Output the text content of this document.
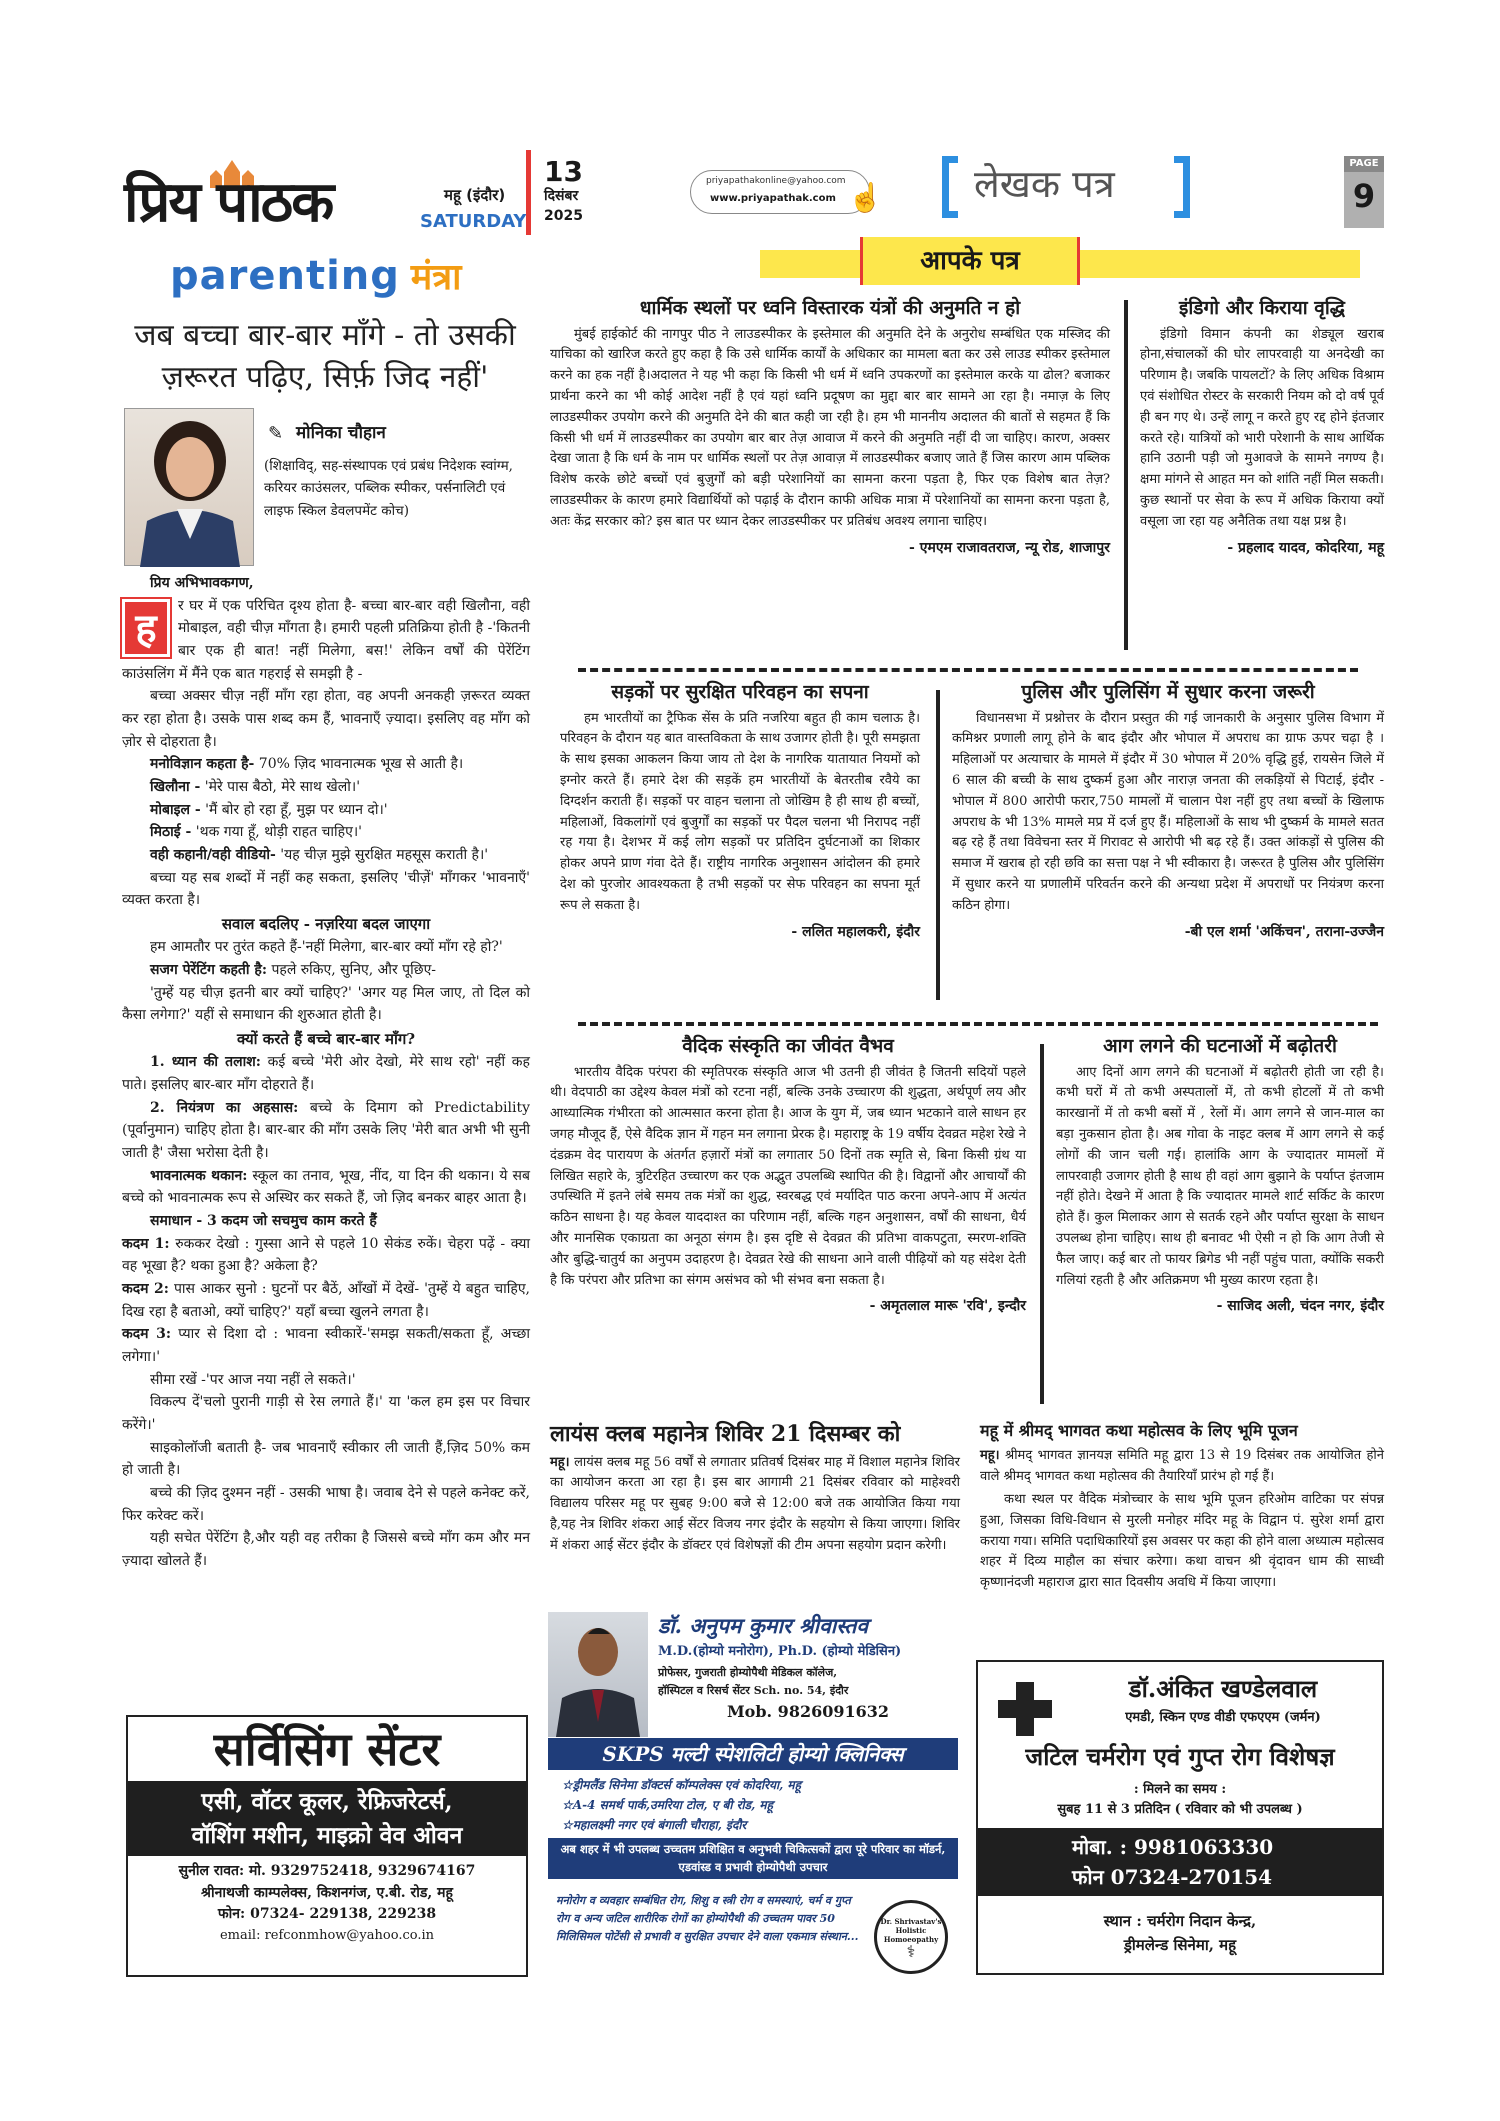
प्रिय पाठक	महू (इंदौर)
SATURDAY
13
दिसंबर
2025
priyapathakonline@yahoo.com
www.priyapathak.com ☝ लेखक पत्र	PAGE
9
parenting मंत्रा	आपके पत्र
जब बच्चा बार-बार माँगे - तो उसकी ज़रूरत पढ़िए, सिर्फ़ जिद नहीं'
✎ मोनिका चौहान
(शिक्षाविद्, सह-संस्थापक एवं प्रबंध निदेशक स्वांग्म, करियर काउंसलर, पब्लिक स्पीकर, पर्सनालिटी एवं लाइफ स्किल डेवलपमेंट कोच)
प्रिय अभिभावकगण,
ह	र घर में एक परिचित दृश्य होता है- बच्चा बार-बार वही खिलौना, वही मोबाइल, वही चीज़ माँगता है। हमारी पहली प्रतिक्रिया होती है -'कितनी बार एक ही बात! नहीं मिलेगा, बस!' लेकिन वर्षों की पेरेंटिंग काउंसलिंग में मैंने एक बात गहराई से समझी है -

बच्चा अक्सर चीज़ नहीं माँग रहा होता, वह अपनी अनकही ज़रूरत व्यक्त कर रहा होता है। उसके पास शब्द कम हैं, भावनाएँ ज़्यादा। इसलिए वह माँग को ज़ोर से दोहराता है।

मनोविज्ञान कहता है- 70% ज़िद भावनात्मक भूख से आती है।

खिलौना - 'मेरे पास बैठो, मेरे साथ खेलो।'

मोबाइल - 'मैं बोर हो रहा हूँ, मुझ पर ध्यान दो।'

मिठाई - 'थक गया हूँ, थोड़ी राहत चाहिए।'

वही कहानी/वही वीडियो- 'यह चीज़ मुझे सुरक्षित महसूस कराती है।'

बच्चा यह सब शब्दों में नहीं कह सकता, इसलिए 'चीज़ें' माँगकर 'भावनाएँ' व्यक्त करता है।

सवाल बदलिए - नज़रिया बदल जाएगा

हम आमतौर पर तुरंत कहते हैं-'नहीं मिलेगा, बार-बार क्यों माँग रहे हो?'

सजग पेरेंटिंग कहती है: पहले रुकिए, सुनिए, और पूछिए-

'तुम्हें यह चीज़ इतनी बार क्यों चाहिए?' 'अगर यह मिल जाए, तो दिल को कैसा लगेगा?' यहीं से समाधान की शुरुआत होती है।

क्यों करते हैं बच्चे बार-बार माँग?

1. ध्यान की तलाश: कई बच्चे 'मेरी ओर देखो, मेरे साथ रहो' नहीं कह पाते। इसलिए बार-बार माँग दोहराते हैं।

2. नियंत्रण का अहसास: बच्चे के दिमाग को Predictability (पूर्वानुमान) चाहिए होता है। बार-बार की माँग उसके लिए 'मेरी बात अभी भी सुनी जाती है' जैसा भरोसा देती है।

भावनात्मक थकान: स्कूल का तनाव, भूख, नींद, या दिन की थकान। ये सब बच्चे को भावनात्मक रूप से अस्थिर कर सकते हैं, जो ज़िद बनकर बाहर आता है।

समाधान - 3 कदम जो सचमुच काम करते हैं

कदम 1: रुककर देखो : गुस्सा आने से पहले 10 सेकंड रुकें। चेहरा पढ़ें - क्या वह भूखा है? थका हुआ है? अकेला है?

कदम 2: पास आकर सुनो : घुटनों पर बैठें, आँखों में देखें- 'तुम्हें ये बहुत चाहिए, दिख रहा है बताओ, क्यों चाहिए?' यहाँ बच्चा खुलने लगता है।

कदम 3: प्यार से दिशा दो : भावना स्वीकारें-'समझ सकती/सकता हूँ, अच्छा लगेगा।'

सीमा रखें -'पर आज नया नहीं ले सकते।'

विकल्प दें'चलो पुरानी गाड़ी से रेस लगाते हैं।' या 'कल हम इस पर विचार करेंगे।'

साइकोलॉजी बताती है- जब भावनाएँ स्वीकार ली जाती हैं,ज़िद 50% कम हो जाती है।

बच्चे की ज़िद दुश्मन नहीं - उसकी भाषा है। जवाब देने से पहले कनेक्ट करें, फिर करेक्ट करें।

यही सचेत पेरेंटिंग है,और यही वह तरीका है जिससे बच्चे माँग कम और मन ज़्यादा खोलते हैं।

धार्मिक स्थलों पर ध्वनि विस्तारक यंत्रों की अनुमति न हो

मुंबई हाईकोर्ट की नागपुर पीठ ने लाउडस्पीकर के इस्तेमाल की अनुमति देने के अनुरोध सम्बंधित एक मस्जिद की याचिका को खारिज करते हुए कहा है कि उसे धार्मिक कार्यों के अधिकार का मामला बता कर उसे लाउड स्पीकर इस्तेमाल करने का हक नहीं है।अदालत ने यह भी कहा कि किसी भी धर्म में ध्वनि उपकरणों का इस्तेमाल करके या ढोल? बजाकर प्रार्थना करने का भी कोई आदेश नहीं है एवं यहां ध्वनि प्रदूषण का मुद्दा बार बार सामने आ रहा है। नमाज़ के लिए लाउडस्पीकर उपयोग करने की अनुमति देने की बात कही जा रही है। हम भी माननीय अदालत की बातों से सहमत हैं कि किसी भी धर्म में लाउडस्पीकर का उपयोग बार बार तेज़ आवाज में करने की अनुमति नहीं दी जा चाहिए। कारण, अक्सर देखा जाता है कि धर्म के नाम पर धार्मिक स्थलों पर तेज़ आवाज़ में लाउडस्पीकर बजाए जाते हैं जिस कारण आम पब्लिक विशेष करके छोटे बच्चों एवं बुज़ुर्गों को बड़ी परेशानियों का सामना करना पड़ता है, फिर एक विशेष बात तेज़? लाउडस्पीकर के कारण हमारे विद्यार्थियों को पढ़ाई के दौरान काफी अधिक मात्रा में परेशानियों का सामना करना पड़ता है, अतः केंद्र सरकार को? इस बात पर ध्यान देकर लाउडस्पीकर पर प्रतिबंध अवश्य लगाना चाहिए।

- एमएम राजावतराज, न्यू रोड, शाजापुर
इंडिगो और किराया वृद्धि

इंडिगो विमान कंपनी का शेड्यूल खराब होना,संचालकों की घोर लापरवाही या अनदेखी का परिणाम है। जबकि पायलटों? के लिए अधिक विश्राम एवं संशोधित रोस्टर के सरकारी नियम को दो वर्ष पूर्व ही बन गए थे। उन्हें लागू न करते हुए रद्द होने इंतजार करते रहे। यात्रियों को भारी परेशानी के साथ आर्थिक हानि उठानी पड़ी जो मुआवजे के सामने नगण्य है। क्षमा मांगने से आहत मन को शांति नहीं मिल सकती। कुछ स्थानों पर सेवा के रूप में अधिक किराया क्यों वसूला जा रहा यह अनैतिक तथा यक्ष प्रश्न है।

- प्रहलाद यादव, कोदरिया, महू
सड़कों पर सुरक्षित परिवहन का सपना

हम भारतीयों का ट्रैफिक सेंस के प्रति नजरिया बहुत ही काम चलाऊ है। परिवहन के दौरान यह बात वास्तविकता के साथ उजागर होती है। पूरी समझता के साथ इसका आकलन किया जाय तो देश के नागरिक यातायात नियमों को इग्नोर करते हैं। हमारे देश की सड़कें हम भारतीयों के बेतरतीब रवैये का दिग्दर्शन कराती हैं। सड़कों पर वाहन चलाना तो जोखिम है ही साथ ही बच्चों, महिलाओं, विकलांगों एवं बुजुर्गों का सड़कों पर पैदल चलना भी निरापद नहीं रह गया है। देशभर में कई लोग सड़कों पर प्रतिदिन दुर्घटनाओं का शिकार होकर अपने प्राण गंवा देते हैं। राष्ट्रीय नागरिक अनुशासन आंदोलन की हमारे देश को पुरजोर आवश्यकता है तभी सड़कों पर सेफ परिवहन का सपना मूर्त रूप ले सकता है।

- ललित महालकरी, इंदौर
पुलिस और पुलिसिंग में सुधार करना जरूरी

विधानसभा में प्रश्नोत्तर के दौरान प्रस्तुत की गई जानकारी के अनुसार पुलिस विभाग में कमिश्नर प्रणाली लागू होने के बाद इंदौर और भोपाल में अपराध का ग्राफ ऊपर चढ़ा है ।महिलाओं पर अत्याचार के मामले में इंदौर में 30 भोपाल में 20% वृद्धि हुई, रायसेन जिले में 6 साल की बच्ची के साथ दुष्कर्म हुआ और नाराज़ जनता की लकड़ियों से पिटाई, इंदौर - भोपाल में 800 आरोपी फरार,750 मामलों में चालान पेश नहीं हुए तथा बच्चों के खिलाफ अपराध के भी 13% मामले मप्र में दर्ज हुए हैं। महिलाओं के साथ भी दुष्कर्म के मामले सतत बढ़ रहे हैं तथा विवेचना स्तर में गिरावट से आरोपी भी बढ़ रहे हैं। उक्त आंकड़ों से पुलिस की समाज में खराब हो रही छवि का सत्ता पक्ष ने भी स्वीकारा है। जरूरत है पुलिस और पुलिसिंग में सुधार करने या प्रणालीमें परिवर्तन करने की अन्यथा प्रदेश में अपराधों पर नियंत्रण करना कठिन होगा।

-बी एल शर्मा 'अकिंचन', तराना-उज्जैन
वैदिक संस्कृति का जीवंत वैभव

भारतीय वैदिक परंपरा की स्मृतिपरक संस्कृति आज भी उतनी ही जीवंत है जितनी सदियों पहले थी। वेदपाठी का उद्देश्य केवल मंत्रों को रटना नहीं, बल्कि उनके उच्चारण की शुद्धता, अर्थपूर्ण लय और आध्यात्मिक गंभीरता को आत्मसात करना होता है। आज के युग में, जब ध्यान भटकाने वाले साधन हर जगह मौजूद हैं, ऐसे वैदिक ज्ञान में गहन मन लगाना प्रेरक है। महाराष्ट्र के 19 वर्षीय देवव्रत महेश रेखे ने दंडक्रम वेद पारायण के अंतर्गत हज़ारों मंत्रों का लगातार 50 दिनों तक स्मृति से, बिना किसी ग्रंथ या लिखित सहारे के, त्रुटिरहित उच्चारण कर एक अद्भुत उपलब्धि स्थापित की है। विद्वानों और आचार्यों की उपस्थिति में इतने लंबे समय तक मंत्रों का शुद्ध, स्वरबद्ध एवं मर्यादित पाठ करना अपने-आप में अत्यंत कठिन साधना है। यह केवल याददाश्त का परिणाम नहीं, बल्कि गहन अनुशासन, वर्षों की साधना, धैर्य और मानसिक एकाग्रता का अनूठा संगम है। इस दृष्टि से देवव्रत की प्रतिभा वाकपटुता, स्मरण-शक्ति और बुद्धि-चातुर्य का अनुपम उदाहरण है। देवव्रत रेखे की साधना आने वाली पीढ़ियों को यह संदेश देती है कि परंपरा और प्रतिभा का संगम असंभव को भी संभव बना सकता है।

- अमृतलाल मारू 'रवि', इन्दौर
आग लगने की घटनाओं में बढ़ोतरी

आए दिनों आग लगने की घटनाओं में बढ़ोतरी होती जा रही है। कभी घरों में तो कभी अस्पतालों में, तो कभी होटलों में तो कभी कारखानों में तो कभी बसों में , रेलों में। आग लगने से जान-माल का बड़ा नुकसान होता है। अब गोवा के नाइट क्लब में आग लगने से कई लोगों की जान चली गई। हालांकि आग के ज्यादातर मामलों में लापरवाही उजागर होती है साथ ही वहां आग बुझाने के पर्याप्त इंतजाम नहीं होते। देखने में आता है कि ज्यादातर मामले शार्ट सर्किट के कारण होते हैं। कुल मिलाकर आग से सतर्क रहने और पर्याप्त सुरक्षा के साधन उपलब्ध होना चाहिए। साथ ही बनावट भी ऐसी न हो कि आग तेजी से फैल जाए। कई बार तो फायर ब्रिगेड भी नहीं पहुंच पाता, क्योंकि सकरी गलियां रहती है और अतिक्रमण भी मुख्य कारण रहता है।

- साजिद अली, चंदन नगर, इंदौर
लायंस क्लब महानेत्र शिविर 21 दिसम्बर को

महू। लायंस क्लब महू 56 वर्षों से लगातार प्रतिवर्ष दिसंबर माह में विशाल महानेत्र शिविर का आयोजन करता आ रहा है। इस बार आगामी 21 दिसंबर रविवार को माहेश्वरी विद्यालय परिसर महू पर सुबह 9:00 बजे से 12:00 बजे तक आयोजित किया गया है,यह नेत्र शिविर शंकरा आई सेंटर विजय नगर इंदौर के सहयोग से किया जाएगा। शिविर में शंकरा आई सेंटर इंदौर के डॉक्टर एवं विशेषज्ञों की टीम अपना सहयोग प्रदान करेगी।

महू में श्रीमद् भागवत कथा महोत्सव के लिए भूमि पूजन

महू। श्रीमद् भागवत ज्ञानयज्ञ समिति महू द्वारा 13 से 19 दिसंबर तक आयोजित होने वाले श्रीमद् भागवत कथा महोत्सव की तैयारियाँ प्रारंभ हो गई हैं।

कथा स्थल पर वैदिक मंत्रोच्चार के साथ भूमि पूजन हरिओम वाटिका पर संपन्न हुआ, जिसका विधि-विधान से मुरली मनोहर मंदिर महू के विद्वान पं. सुरेश शर्मा द्वारा कराया गया। समिति पदाधिकारियों इस अवसर पर कहा की होने वाला अध्यात्म महोत्सव शहर में दिव्य माहौल का संचार करेगा। कथा वाचन श्री वृंदावन धाम की साध्वी कृष्णानंदजी महाराज द्वारा सात दिवसीय अवधि में किया जाएगा।

सर्विसिंग सेंटर
एसी, वॉटर कूलर, रेफ्रिजरेटर्स,
वॉशिंग मशीन, माइक्रो वेव ओवन
सुनील रावत: मो. 9329752418, 9329674167
श्रीनाथजी काम्पलेक्स, किशनगंज, ए.बी. रोड, महू
फोन: 07324- 229138, 229238
email: refconmhow@yahoo.co.in
डॉ. अनुपम कुमार श्रीवास्तव
M.D.(होम्यो मनोरोग), Ph.D. (होम्यो मेडिसिन)
प्रोफेसर, गुजराती होम्योपैथी मेडिकल कॉलेज,
हॉस्पिटल व रिसर्च सेंटर Sch. no. 54, इंदौर
Mob. 9826091632
SKPS मल्टी स्पेशलिटी होम्यो क्लिनिक्स
☆ड्रीमलैंड सिनेमा डॉक्टर्स कॉम्पलेक्स एवं कोदरिया, महू
☆A-4 समर्थ पार्क,उमरिया टोल, ए बी रोड, महू
☆महालक्ष्मी नगर एवं बंगाली चौराहा, इंदौर
अब शहर में भी उपलब्ध उच्चतम प्रशिक्षित व अनुभवी चिकित्सकों द्वारा पूरे परिवार का मॉडर्न, एडवांस्ड व प्रभावी होम्योपैथी उपचार
मनोरोग व व्यवहार सम्बंधित रोग, शिशु व स्त्री रोग व समस्याएं, चर्म व गुप्त रोग व अन्य जटिल शारीरिक रोगों का होम्योपैथी की उच्चतम पावर 50 मिलिसिमल पोटेंसी से प्रभावी व सुरक्षित उपचार देने वाला एकमात्र संस्थान...
Dr. Shrivastav's Holistic Homoeopathy
⚕
डॉ.अंकित खण्डेलवाल
एमडी, स्किन एण्ड वीडी एफएएम (जर्मन)
जटिल चर्मरोग एवं गुप्त रोग विशेषज्ञ
: मिलने का समय :
सुबह 11 से 3 प्रतिदिन ( रविवार को भी उपलब्ध )
मोबा. : 9981063330
फोन 07324-270154
स्थान : चर्मरोग निदान केन्द्र,
ड्रीमलेन्ड सिनेमा, महू
